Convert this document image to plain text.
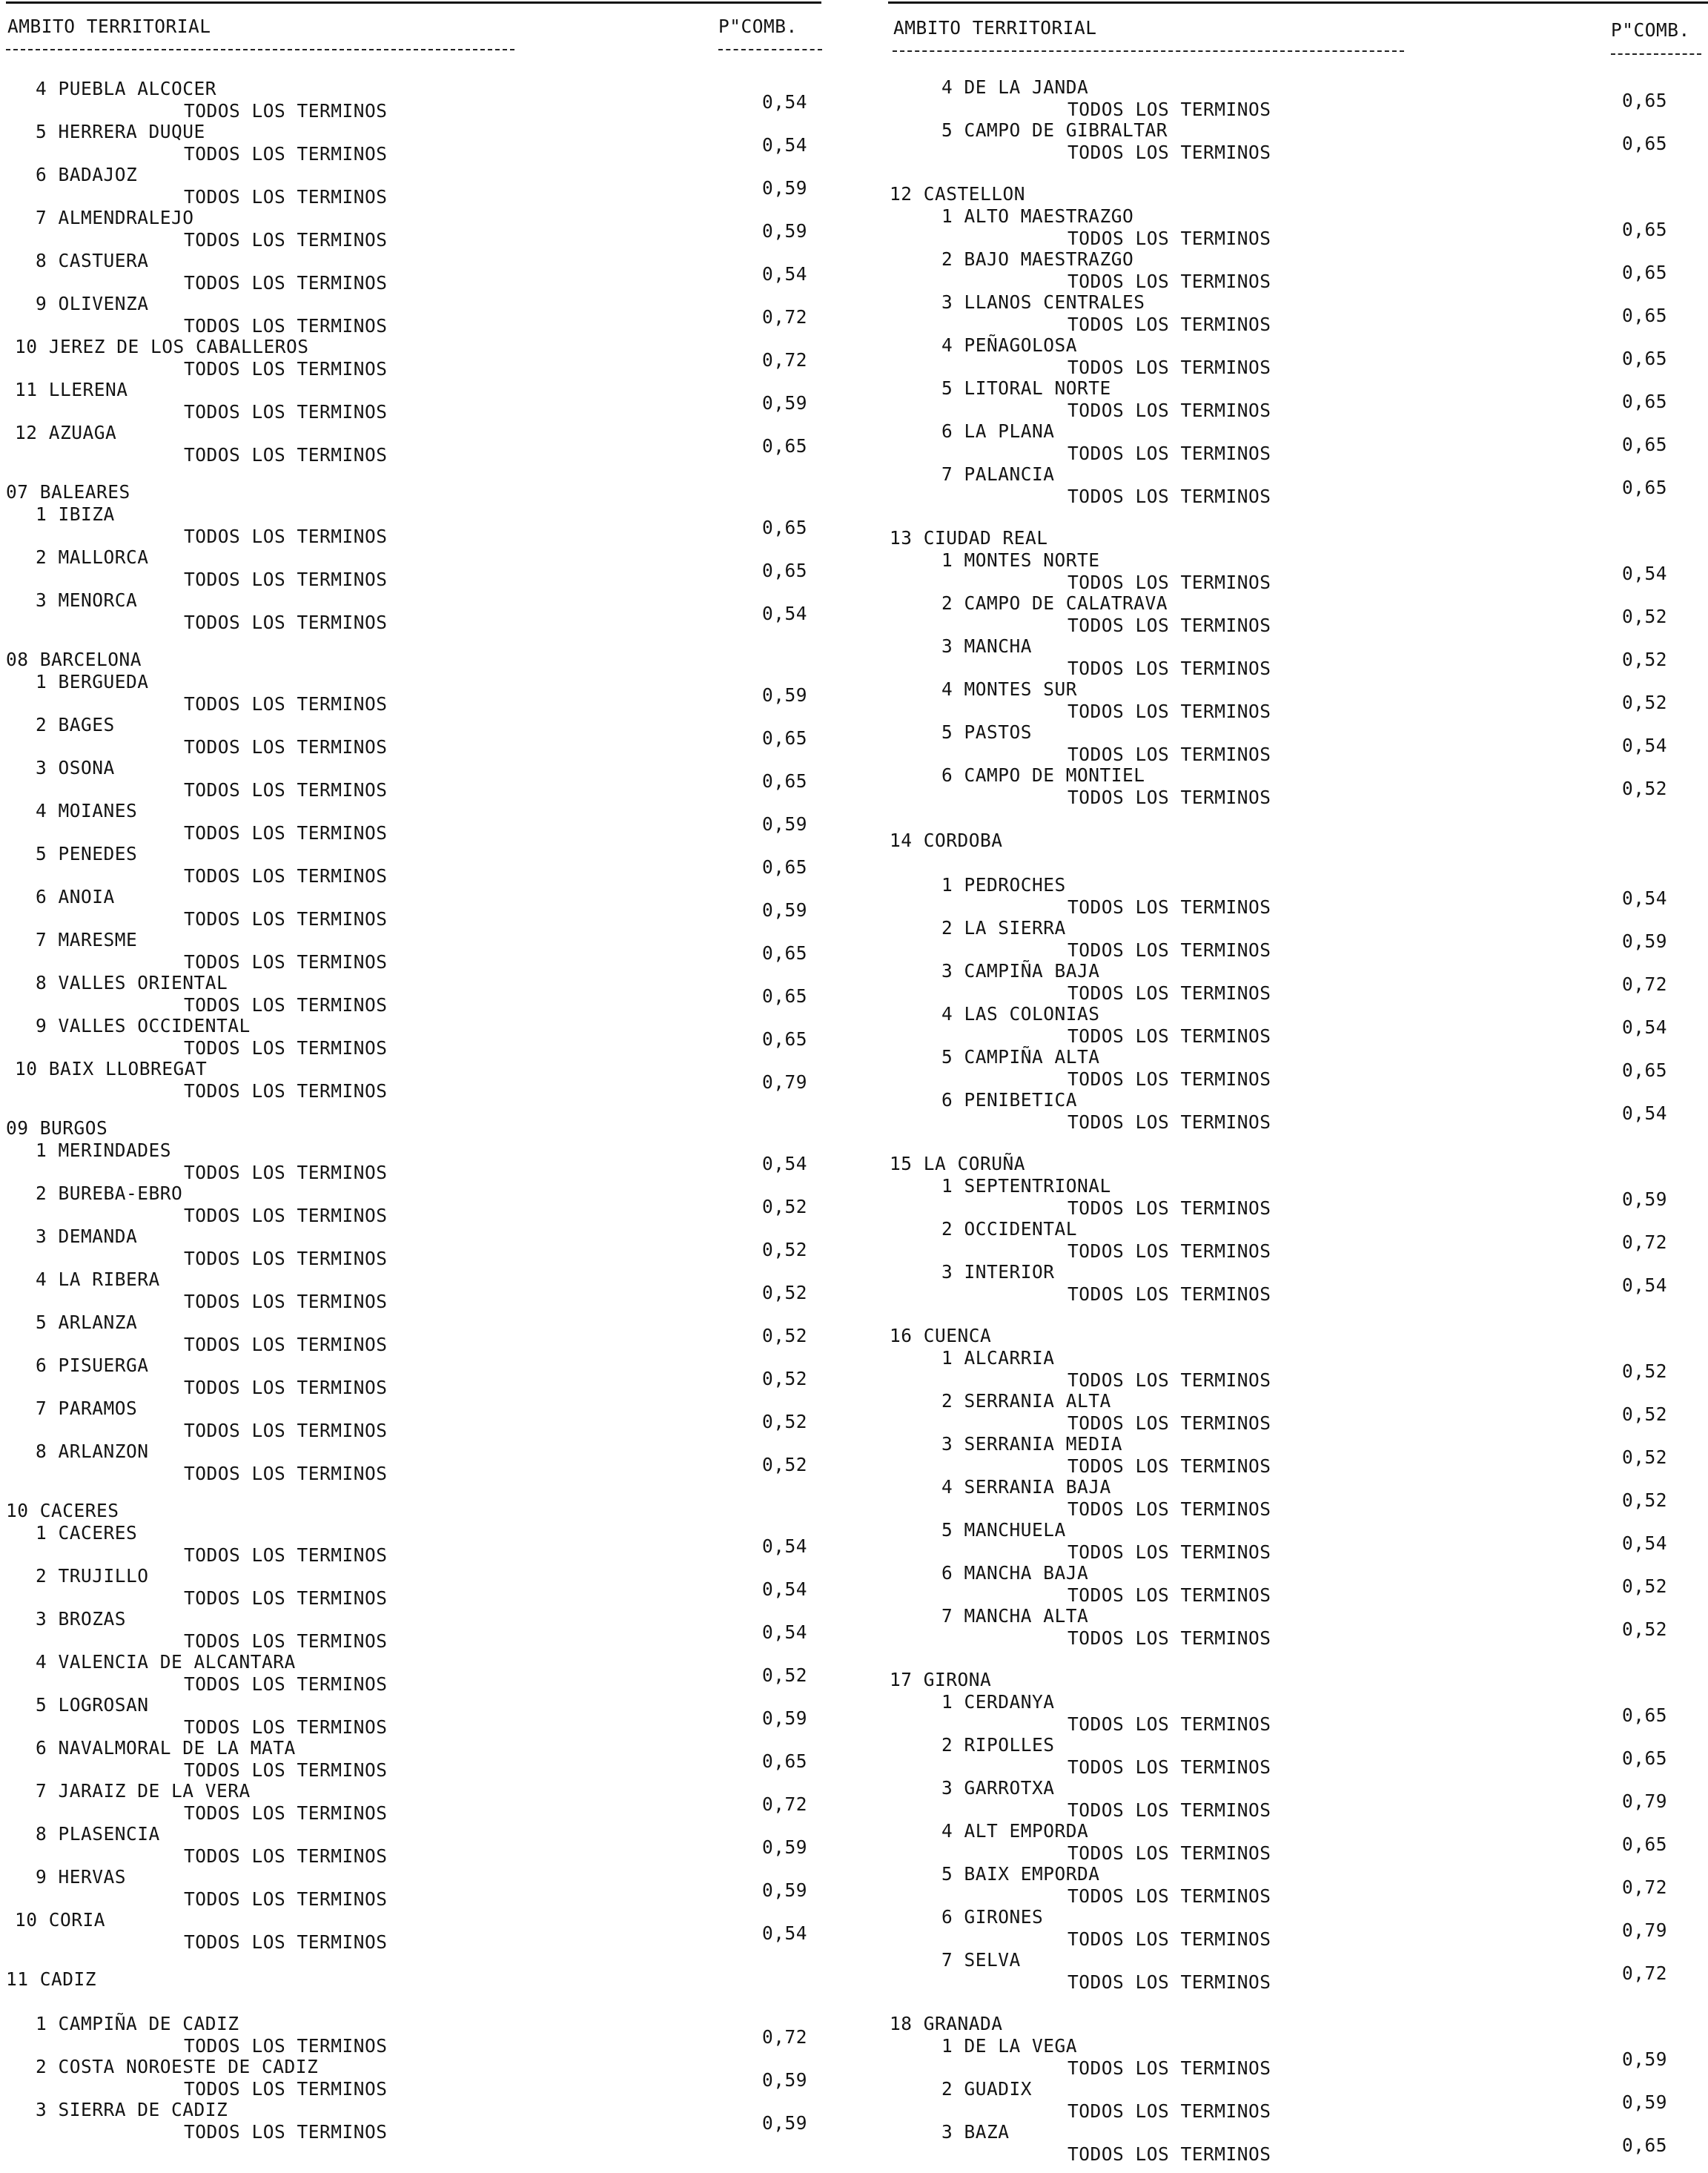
AMBITO TERRITORIAL	P"COMB.
4 PUEBLA ALCOCER
TODOS LOS TERMINOS	0,54
5 HERRERA DUQUE
TODOS LOS TERMINOS	0,54
6 BADAJOZ
TODOS LOS TERMINOS	0,59
7 ALMENDRALEJO
TODOS LOS TERMINOS	0,59
8 CASTUERA
TODOS LOS TERMINOS	0,54
9 OLIVENZA
TODOS LOS TERMINOS	0,72
10 JEREZ DE LOS CABALLEROS
TODOS LOS TERMINOS	0,72
11 LLERENA
TODOS LOS TERMINOS	0,59
12 AZUAGA
TODOS LOS TERMINOS	0,65
07 BALEARES
1 IBIZA
TODOS LOS TERMINOS	0,65
2 MALLORCA
TODOS LOS TERMINOS	0,65
3 MENORCA
TODOS LOS TERMINOS	0,54
08 BARCELONA
1 BERGUEDA
TODOS LOS TERMINOS	0,59
2 BAGES
TODOS LOS TERMINOS	0,65
3 OSONA
TODOS LOS TERMINOS	0,65
4 MOIANES
TODOS LOS TERMINOS	0,59
5 PENEDES
TODOS LOS TERMINOS	0,65
6 ANOIA
TODOS LOS TERMINOS	0,59
7 MARESME
TODOS LOS TERMINOS	0,65
8 VALLES ORIENTAL
TODOS LOS TERMINOS	0,65
9 VALLES OCCIDENTAL
TODOS LOS TERMINOS	0,65
10 BAIX LLOBREGAT
TODOS LOS TERMINOS	0,79
09 BURGOS
1 MERINDADES
TODOS LOS TERMINOS	0,54
2 BUREBA-EBRO
TODOS LOS TERMINOS	0,52
3 DEMANDA
TODOS LOS TERMINOS	0,52
4 LA RIBERA
TODOS LOS TERMINOS	0,52
5 ARLANZA
TODOS LOS TERMINOS	0,52
6 PISUERGA
TODOS LOS TERMINOS	0,52
7 PARAMOS
TODOS LOS TERMINOS	0,52
8 ARLANZON
TODOS LOS TERMINOS	0,52
10 CACERES
1 CACERES
TODOS LOS TERMINOS	0,54
2 TRUJILLO
TODOS LOS TERMINOS	0,54
3 BROZAS
TODOS LOS TERMINOS	0,54
4 VALENCIA DE ALCANTARA
TODOS LOS TERMINOS	0,52
5 LOGROSAN
TODOS LOS TERMINOS	0,59
6 NAVALMORAL DE LA MATA
TODOS LOS TERMINOS	0,65
7 JARAIZ DE LA VERA
TODOS LOS TERMINOS	0,72
8 PLASENCIA
TODOS LOS TERMINOS	0,59
9 HERVAS
TODOS LOS TERMINOS	0,59
10 CORIA
TODOS LOS TERMINOS	0,54
11 CADIZ
1 CAMPIÑA DE CADIZ
TODOS LOS TERMINOS	0,72
2 COSTA NOROESTE DE CADIZ
TODOS LOS TERMINOS	0,59
3 SIERRA DE CADIZ
TODOS LOS TERMINOS	0,59
AMBITO TERRITORIAL	P"COMB.
4 DE LA JANDA
TODOS LOS TERMINOS	0,65
5 CAMPO DE GIBRALTAR
TODOS LOS TERMINOS	0,65
12 CASTELLON
1 ALTO MAESTRAZGO
TODOS LOS TERMINOS	0,65
2 BAJO MAESTRAZGO
TODOS LOS TERMINOS	0,65
3 LLANOS CENTRALES
TODOS LOS TERMINOS	0,65
4 PEÑAGOLOSA
TODOS LOS TERMINOS	0,65
5 LITORAL NORTE
TODOS LOS TERMINOS	0,65
6 LA PLANA
TODOS LOS TERMINOS	0,65
7 PALANCIA
TODOS LOS TERMINOS	0,65
13 CIUDAD REAL
1 MONTES NORTE
TODOS LOS TERMINOS	0,54
2 CAMPO DE CALATRAVA
TODOS LOS TERMINOS	0,52
3 MANCHA
TODOS LOS TERMINOS	0,52
4 MONTES SUR
TODOS LOS TERMINOS	0,52
5 PASTOS
TODOS LOS TERMINOS	0,54
6 CAMPO DE MONTIEL
TODOS LOS TERMINOS	0,52
14 CORDOBA
1 PEDROCHES
TODOS LOS TERMINOS	0,54
2 LA SIERRA
TODOS LOS TERMINOS	0,59
3 CAMPIÑA BAJA
TODOS LOS TERMINOS	0,72
4 LAS COLONIAS
TODOS LOS TERMINOS	0,54
5 CAMPIÑA ALTA
TODOS LOS TERMINOS	0,65
6 PENIBETICA
TODOS LOS TERMINOS	0,54
15 LA CORUÑA
1 SEPTENTRIONAL
TODOS LOS TERMINOS	0,59
2 OCCIDENTAL
TODOS LOS TERMINOS	0,72
3 INTERIOR
TODOS LOS TERMINOS	0,54
16 CUENCA
1 ALCARRIA
TODOS LOS TERMINOS	0,52
2 SERRANIA ALTA
TODOS LOS TERMINOS	0,52
3 SERRANIA MEDIA
TODOS LOS TERMINOS	0,52
4 SERRANIA BAJA
TODOS LOS TERMINOS	0,52
5 MANCHUELA
TODOS LOS TERMINOS	0,54
6 MANCHA BAJA
TODOS LOS TERMINOS	0,52
7 MANCHA ALTA
TODOS LOS TERMINOS	0,52
17 GIRONA
1 CERDANYA
TODOS LOS TERMINOS	0,65
2 RIPOLLES
TODOS LOS TERMINOS	0,65
3 GARROTXA
TODOS LOS TERMINOS	0,79
4 ALT EMPORDA
TODOS LOS TERMINOS	0,65
5 BAIX EMPORDA
TODOS LOS TERMINOS	0,72
6 GIRONES
TODOS LOS TERMINOS	0,79
7 SELVA
TODOS LOS TERMINOS	0,72
18 GRANADA
1 DE LA VEGA
TODOS LOS TERMINOS	0,59
2 GUADIX
TODOS LOS TERMINOS	0,59
3 BAZA
TODOS LOS TERMINOS	0,65
